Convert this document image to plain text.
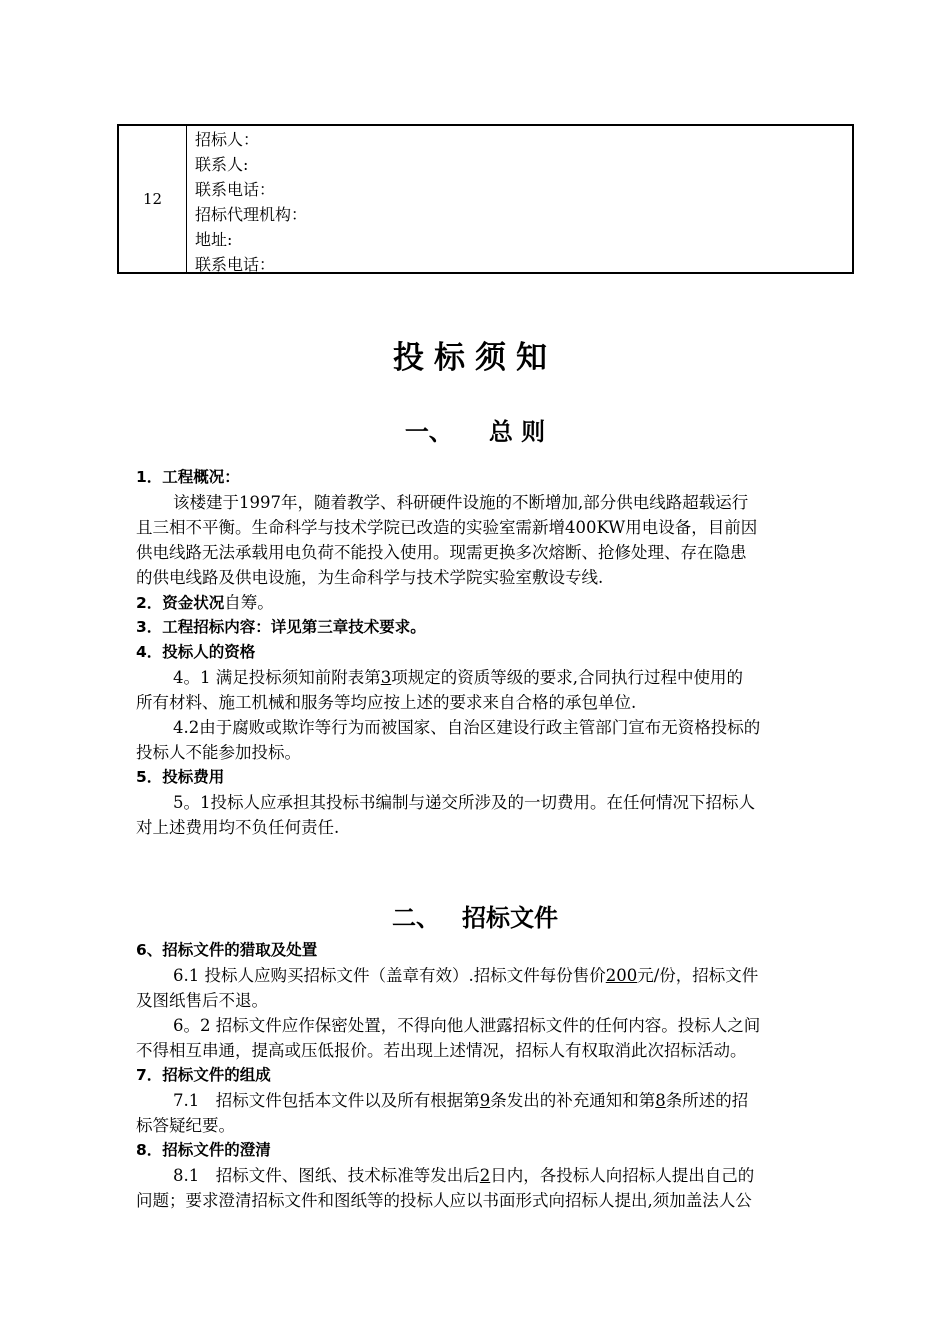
12
招标人：
联系人:
联系电话：
招标代理机构：
地址:
联系电话：
投标须知
一、 总 则
1．工程概况：
该楼建于1997年，随着教学、科研硬件设施的不断增加,部分供电线路超载运行
且三相不平衡。生命科学与技术学院已改造的实验室需新增400KW用电设备，目前因
供电线路无法承载用电负荷不能投入使用。现需更换多次熔断、抢修处理、存在隐患
的供电线路及供电设施，为生命科学与技术学院实验室敷设专线.
2．资金状况自筹。
3．工程招标内容：详见第三章技术要求。
4．投标人的资格
4。1 满足投标须知前附表第3项规定的资质等级的要求,合同执行过程中使用的
所有材料、施工机械和服务等均应按上述的要求来自合格的承包单位.
4.2由于腐败或欺诈等行为而被国家、自治区建设行政主管部门宣布无资格投标的
投标人不能参加投标。
5．投标费用
5。1投标人应承担其投标书编制与递交所涉及的一切费用。在任何情况下招标人
对上述费用均不负任何责任.
二、 招标文件
6、招标文件的猎取及处置
6.1 投标人应购买招标文件（盖章有效）.招标文件每份售价200元/份，招标文件
及图纸售后不退。
6。2 招标文件应作保密处置，不得向他人泄露招标文件的任何内容。投标人之间
不得相互串通，提高或压低报价。若出现上述情况，招标人有权取消此次招标活动。
7．招标文件的组成
7.1　招标文件包括本文件以及所有根据第9条发出的补充通知和第8条所述的招
标答疑纪要。
8．招标文件的澄清
8.1　招标文件、图纸、技术标准等发出后2日内，各投标人向招标人提出自己的
问题；要求澄清招标文件和图纸等的投标人应以书面形式向招标人提出,须加盖法人公
